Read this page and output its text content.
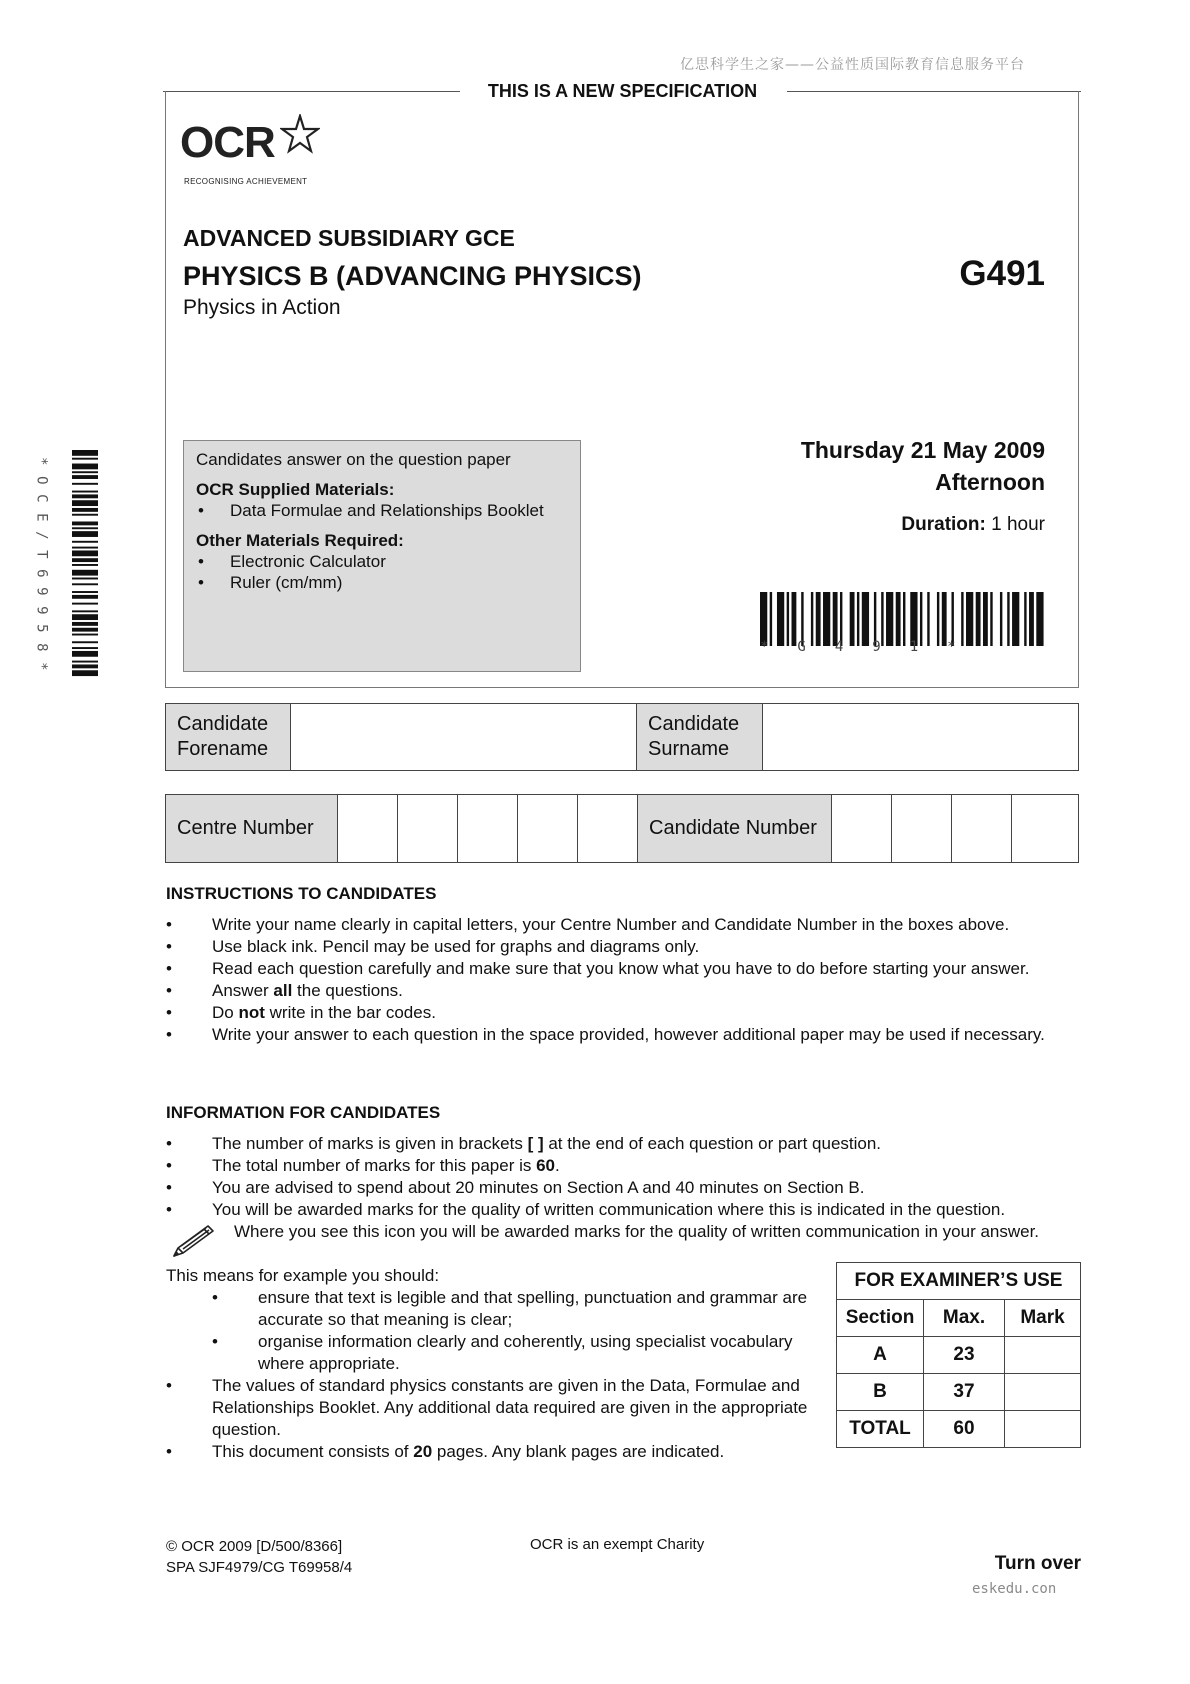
亿思科学生之家——公益性质国际教育信息服务平台
THIS IS A NEW SPECIFICATION
OCR
RECOGNISING ACHIEVEMENT
ADVANCED SUBSIDIARY GCE
PHYSICS B (ADVANCING PHYSICS)
Physics in Action
G491

Candidates answer on the question paper

OCR Supplied Materials:

• Data Formulae and Relationships Booklet

Other Materials Required:

• Electronic Calculator

• Ruler (cm/mm)

Thursday 21 May 2009
Afternoon
Duration: 1 hour
*G491*
*
O
C
E
/
T
6
9
9
5
8
*
Candidate
Forename

Candidate
Surname

Centre Number						Candidate Number				
INSTRUCTIONS TO CANDIDATES
• Write your name clearly in capital letters, your Centre Number and Candidate Number in the boxes above.
• Use black ink. Pencil may be used for graphs and diagrams only.
• Read each question carefully and make sure that you know what you have to do before starting your answer.
• Answer all the questions.
• Do not write in the bar codes.
• Write your answer to each question in the space provided, however additional paper may be used if necessary.
INFORMATION FOR CANDIDATES
• The number of marks is given in brackets [ ] at the end of each question or part question.
• The total number of marks for this paper is 60.
• You are advised to spend about 20 minutes on Section A and 40 minutes on Section B.
• You will be awarded marks for the quality of written communication where this is indicated in the question.
Where you see this icon you will be awarded marks for the quality of written communication in your answer.
This means for example you should:
• ensure that text is legible and that spelling, punctuation and grammar are accurate so that meaning is clear;
• organise information clearly and coherently, using specialist vocabulary where appropriate.
• The values of standard physics constants are given in the Data, Formulae and Relationships Booklet. Any additional data required are given in the appropriate question.
• This document consists of 20 pages. Any blank pages are indicated.
FOR EXAMINER’S USE		
Section	Max.	Mark
A	23	
B	37	
TOTAL	60	
© OCR 2009 [D/500/8366]
SPA SJF4979/CG T69958/4
OCR is an exempt Charity
Turn over
eskedu.con
